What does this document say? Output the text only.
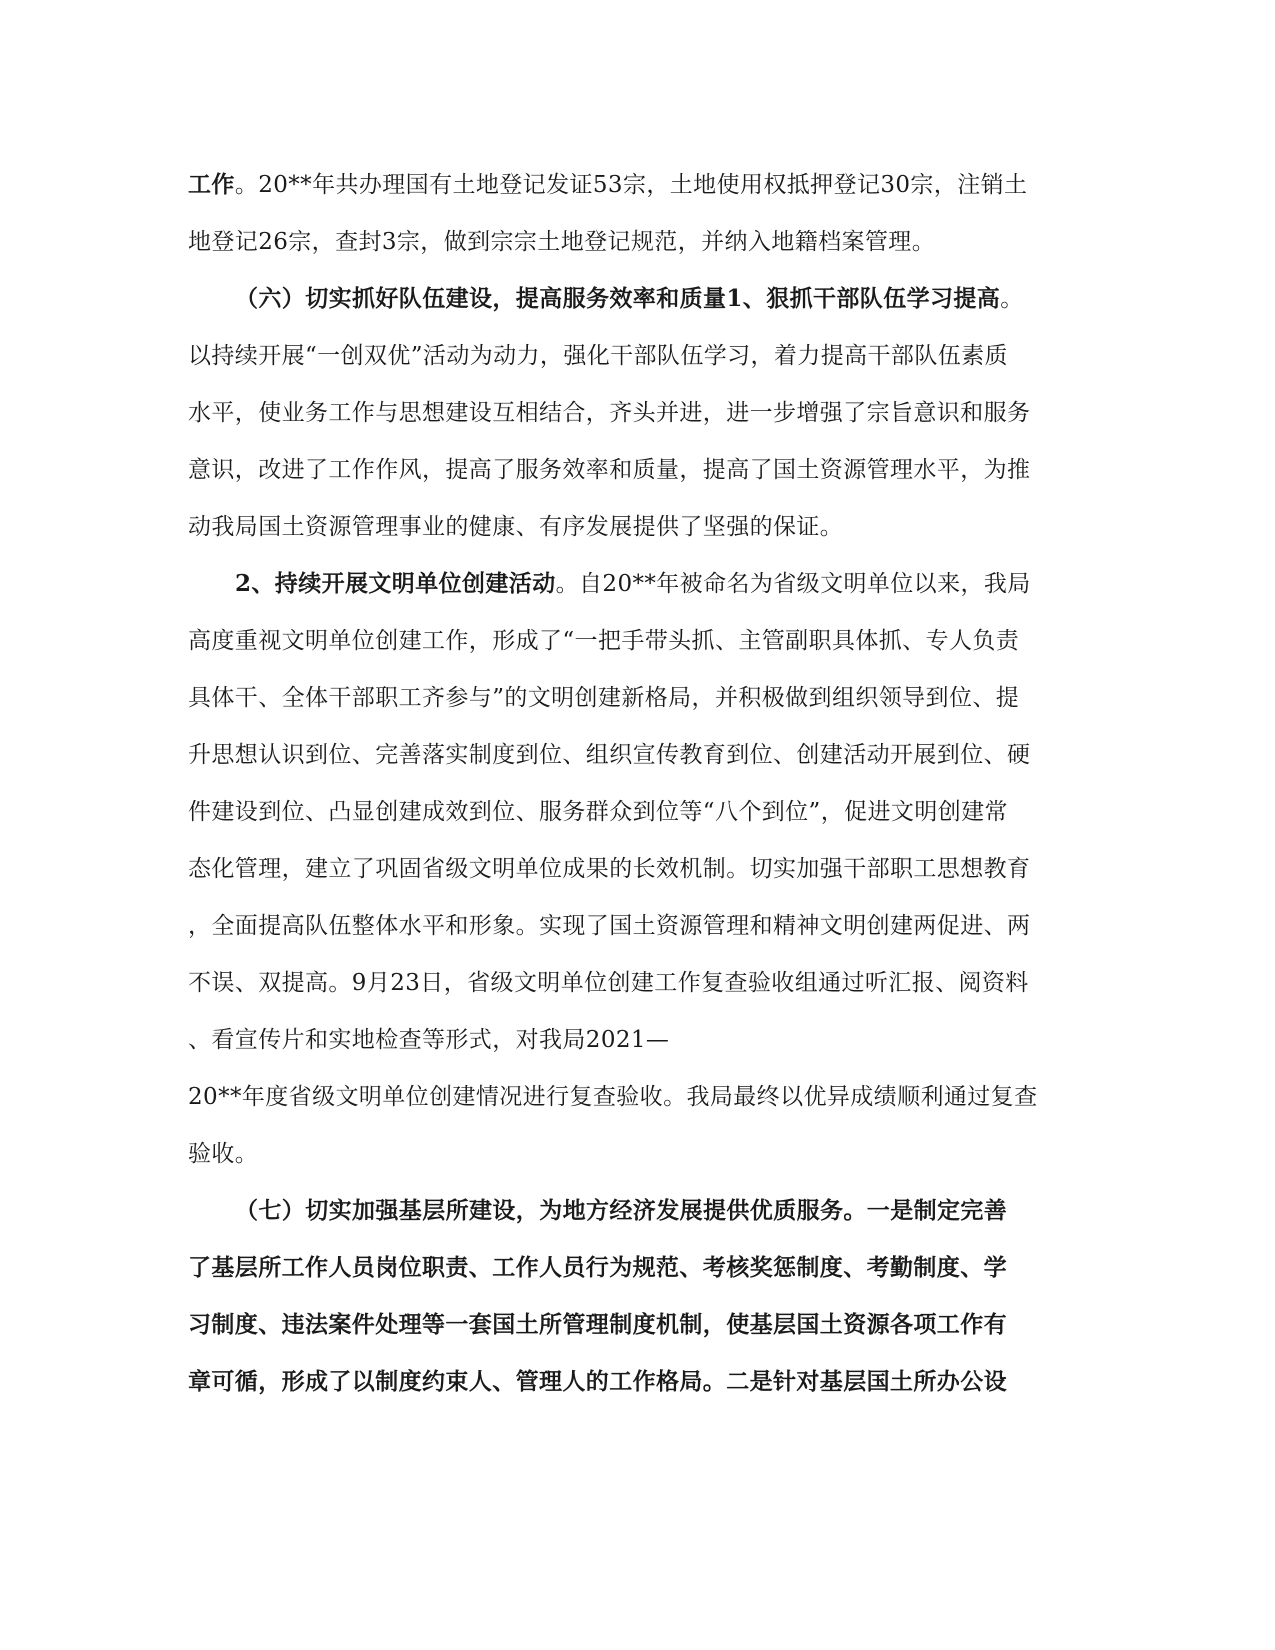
工作。20**年共办理国有土地登记发证53宗，土地使用权抵押登记30宗，注销土
地登记26宗，查封3宗，做到宗宗土地登记规范，并纳入地籍档案管理。
（六）切实抓好队伍建设，提高服务效率和质量1、狠抓干部队伍学习提高。
以持续开展“一创双优”活动为动力，强化干部队伍学习，着力提高干部队伍素质
水平，使业务工作与思想建设互相结合，齐头并进，进一步增强了宗旨意识和服务
意识，改进了工作作风，提高了服务效率和质量，提高了国土资源管理水平，为推
动我局国土资源管理事业的健康、有序发展提供了坚强的保证。
2、持续开展文明单位创建活动。自20**年被命名为省级文明单位以来，我局
高度重视文明单位创建工作，形成了“一把手带头抓、主管副职具体抓、专人负责
具体干、全体干部职工齐参与”的文明创建新格局，并积极做到组织领导到位、提
升思想认识到位、完善落实制度到位、组织宣传教育到位、创建活动开展到位、硬
件建设到位、凸显创建成效到位、服务群众到位等“八个到位”，促进文明创建常
态化管理，建立了巩固省级文明单位成果的长效机制。切实加强干部职工思想教育
，全面提高队伍整体水平和形象。实现了国土资源管理和精神文明创建两促进、两
不误、双提高。9月23日，省级文明单位创建工作复查验收组通过听汇报、阅资料
、看宣传片和实地检查等形式，对我局2021—
20**年度省级文明单位创建情况进行复查验收。我局最终以优异成绩顺利通过复查
验收。
（七）切实加强基层所建设，为地方经济发展提供优质服务。一是制定完善
了基层所工作人员岗位职责、工作人员行为规范、考核奖惩制度、考勤制度、学
习制度、违法案件处理等一套国土所管理制度机制，使基层国土资源各项工作有
章可循，形成了以制度约束人、管理人的工作格局。二是针对基层国土所办公设
